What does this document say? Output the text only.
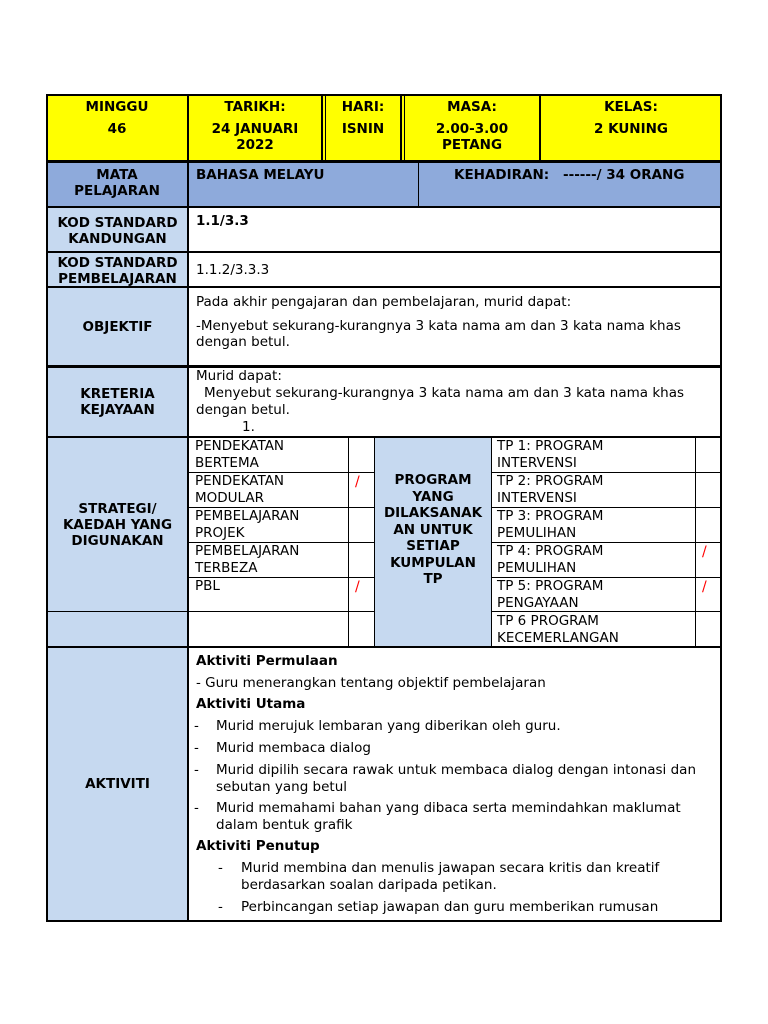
MINGGU
46
TARIKH:
24 JANUARI
2022
HARI:
ISNIN
MASA:
2.00-3.00
PETANG
KELAS:
2 KUNING
MATA
PELAJARAN
BAHASA MELAYU	KEHADIRAN: ------/ 34 ORANG
KOD STANDARD
KANDUNGAN
1.1/3.3
KOD STANDARD
PEMBELAJARAN
1.1.2/3.3.3
OBJEKTIF
Pada akhir pengajaran dan pembelajaran, murid dapat:
-Menyebut sekurang-kurangnya 3 kata nama am dan 3 kata nama khas
dengan betul.
KRETERIA
KEJAYAAN
Murid dapat:
Menyebut sekurang-kurangnya 3 kata nama am dan 3 kata nama khas
dengan betul.
1.
STRATEGI/
KAEDAH YANG
DIGUNAKAN
PENDEKATAN
BERTEMA
PENDEKATAN
MODULAR
PEMBELAJARAN
PROJEK
PEMBELAJARAN
TERBEZA
PBL
/
/
PROGRAM
YANG
DILAKSANAK
AN UNTUK
SETIAP
KUMPULAN
TP
TP 1: PROGRAM
INTERVENSI
TP 2: PROGRAM
INTERVENSI
TP 3: PROGRAM
PEMULIHAN
TP 4: PROGRAM
PEMULIHAN
TP 5: PROGRAM
PENGAYAAN
TP 6 PROGRAM
KECEMERLANGAN
/
/
AKTIVITI
Aktiviti Permulaan
- Guru menerangkan tentang objektif pembelajaran
Aktiviti Utama
- Murid merujuk lembaran yang diberikan oleh guru.
- Murid membaca dialog
- Murid dipilih secara rawak untuk membaca dialog dengan intonasi dan
sebutan yang betul
- Murid memahami bahan yang dibaca serta memindahkan maklumat
dalam bentuk grafik
Aktiviti Penutup
- Murid membina dan menulis jawapan secara kritis dan kreatif
berdasarkan soalan daripada petikan.
- Perbincangan setiap jawapan dan guru memberikan rumusan
